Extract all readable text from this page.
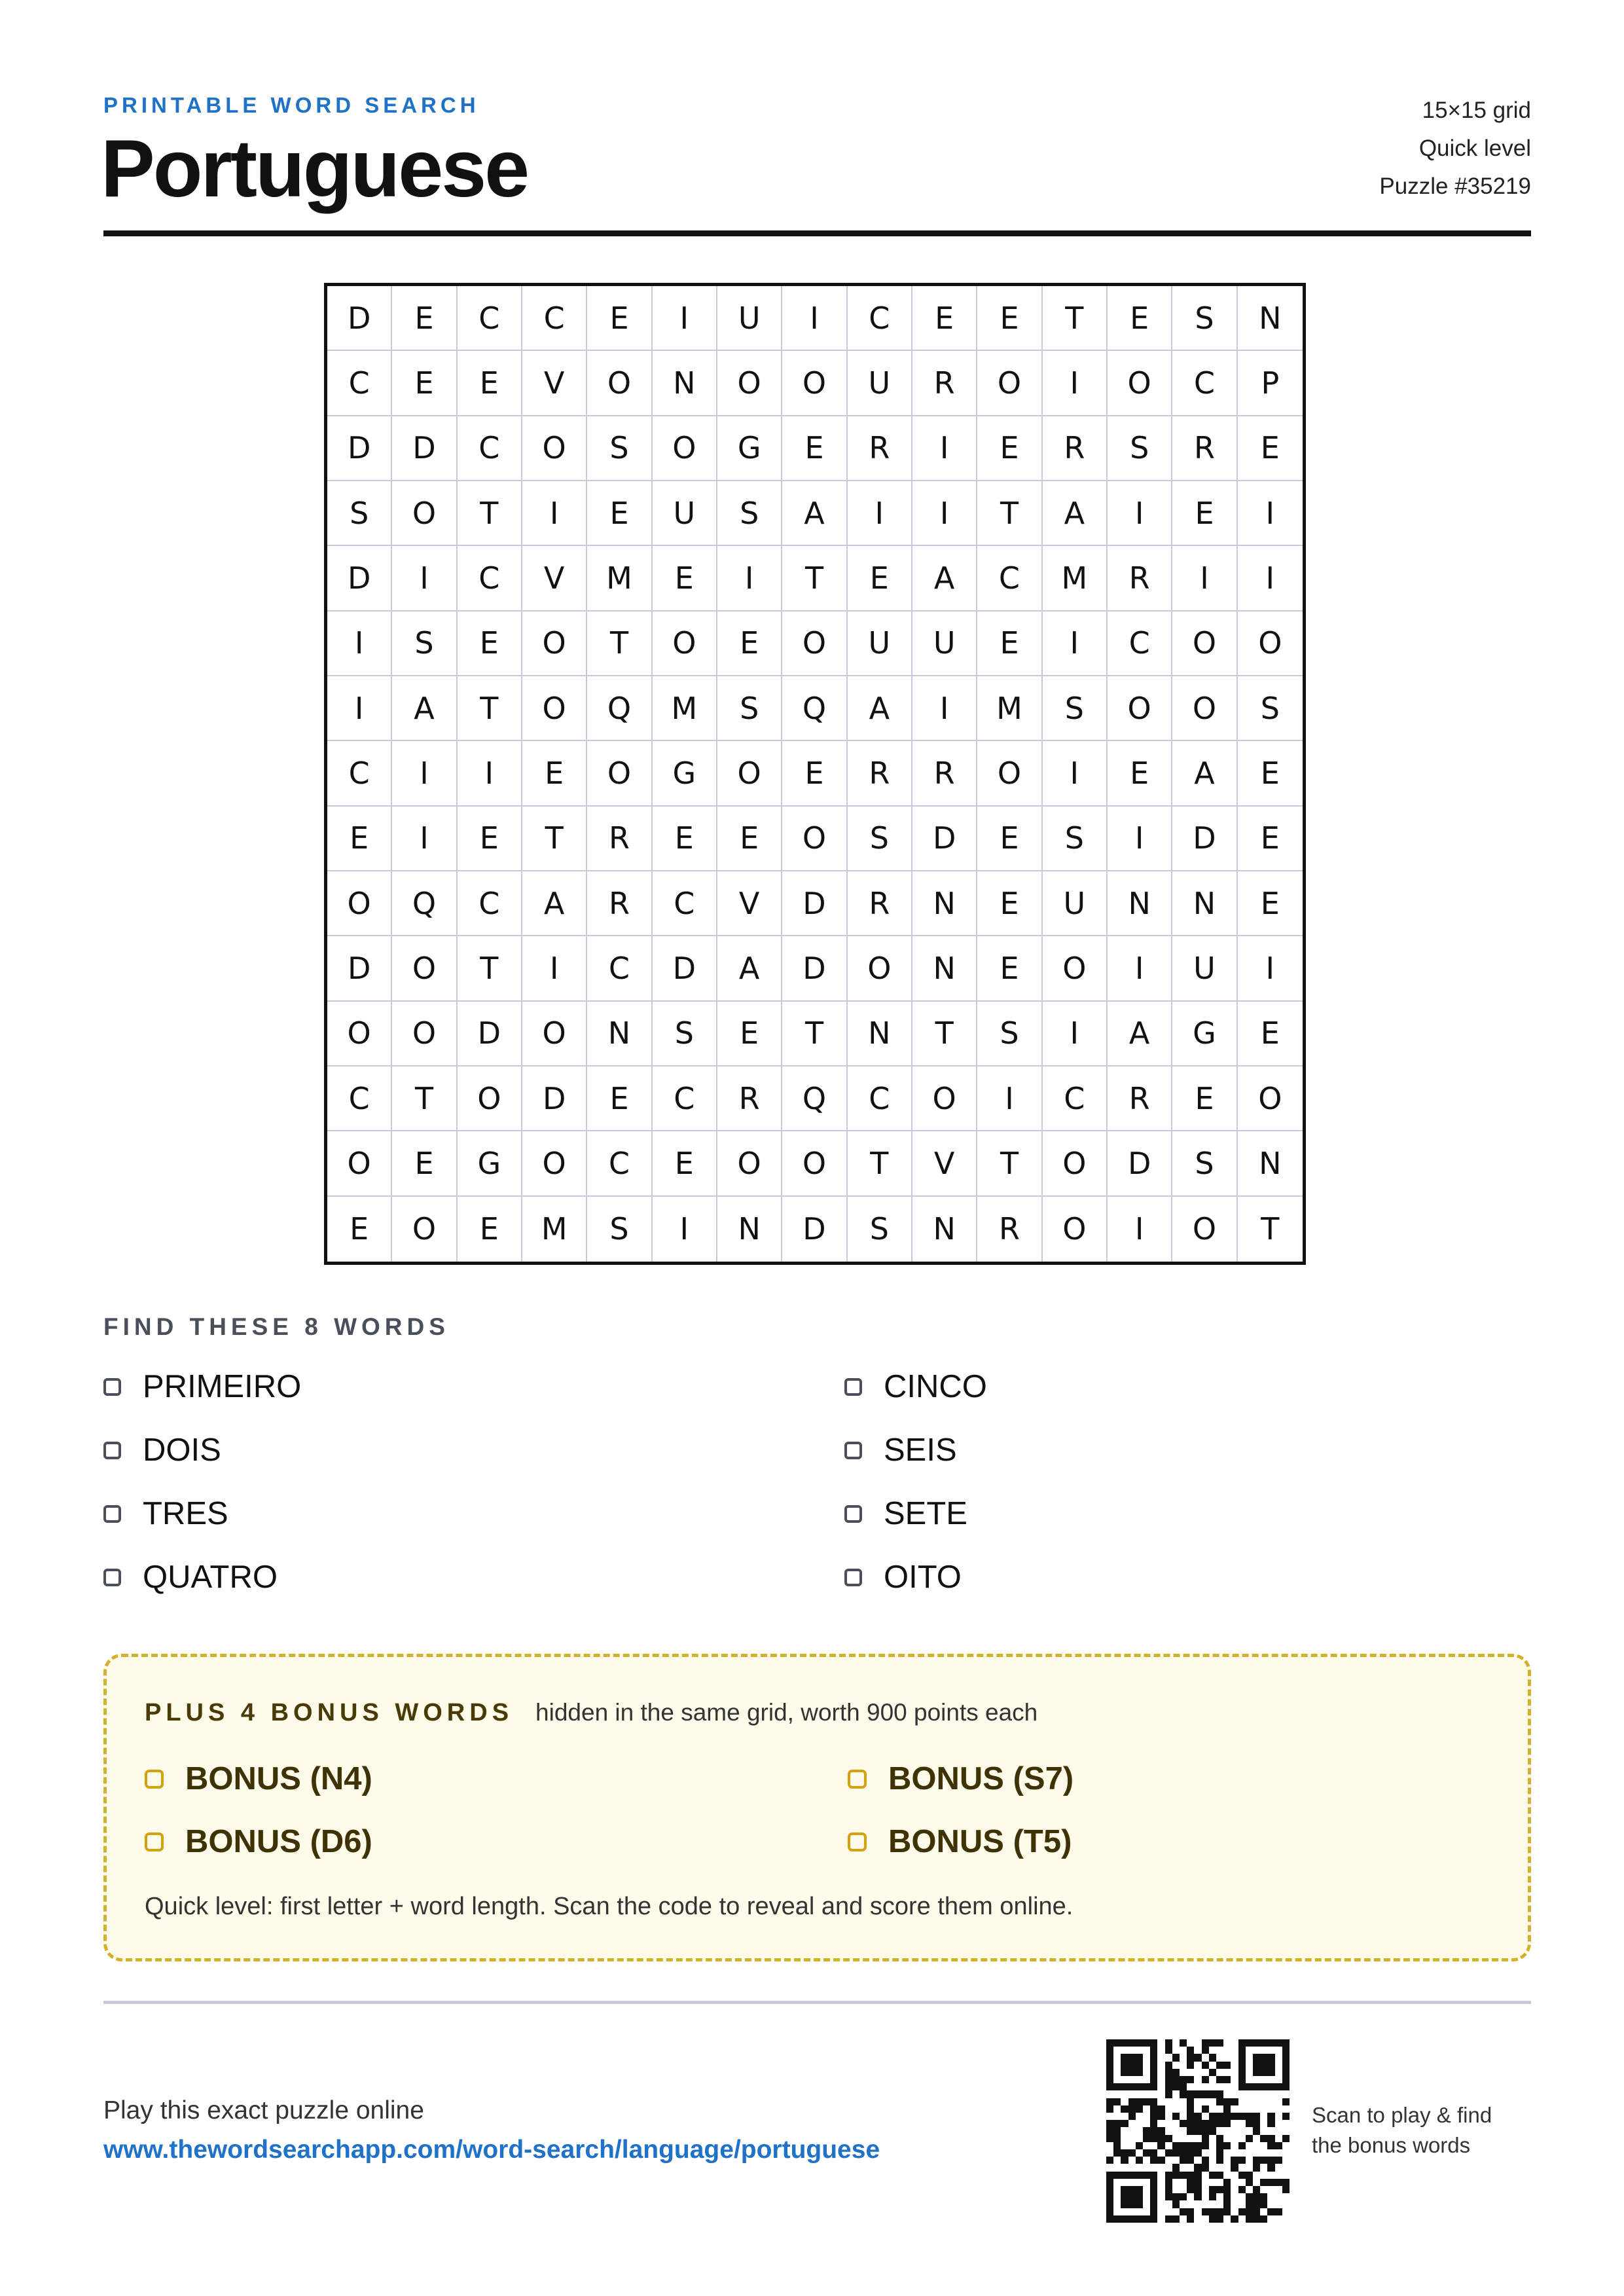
PRINTABLE WORD SEARCH
Portuguese
15×15 grid
Quick level
Puzzle #35219
D	E	C	C	E	I	U	I	C	E	E	T	E	S	N
C	E	E	V	O	N	O	O	U	R	O	I	O	C	P
D	D	C	O	S	O	G	E	R	I	E	R	S	R	E
S	O	T	I	E	U	S	A	I	I	T	A	I	E	I
D	I	C	V	M	E	I	T	E	A	C	M	R	I	I
I	S	E	O	T	O	E	O	U	U	E	I	C	O	O
I	A	T	O	Q	M	S	Q	A	I	M	S	O	O	S
C	I	I	E	O	G	O	E	R	R	O	I	E	A	E
E	I	E	T	R	E	E	O	S	D	E	S	I	D	E
O	Q	C	A	R	C	V	D	R	N	E	U	N	N	E
D	O	T	I	C	D	A	D	O	N	E	O	I	U	I
O	O	D	O	N	S	E	T	N	T	S	I	A	G	E
C	T	O	D	E	C	R	Q	C	O	I	C	R	E	O
O	E	G	O	C	E	O	O	T	V	T	O	D	S	N
E	O	E	M	S	I	N	D	S	N	R	O	I	O	T
FIND THESE 8 WORDS
PRIMEIRO
DOIS
TRES
QUATRO
CINCO
SEIS
SETE
OITO
PLUS 4 BONUS WORDS hidden in the same grid, worth 900 points each
BONUS (N4)
BONUS (D6)
BONUS (S7)
BONUS (T5)
Quick level: first letter + word length. Scan the code to reveal and score them online.
Play this exact puzzle online
www.thewordsearchapp.com/word-search/language/portuguese
Scan to play & find
the bonus words
